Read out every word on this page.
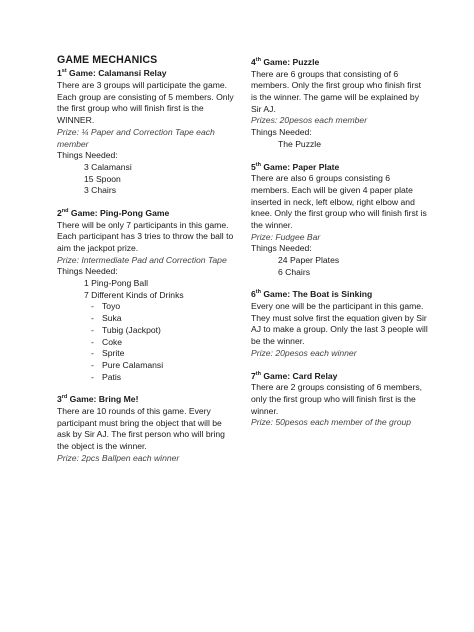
GAME MECHANICS
1st Game: Calamansi Relay

There are 3 groups will participate the game. Each group are consisting of 5 members. Only the first group who will finish first is the WINNER.

Prize: ¼ Paper and Correction Tape each member

Things Needed:

3 Calamansi
15 Spoon
3 Chairs
2nd Game: Ping-Pong Game

There will be only 7 participants in this game. Each participant has 3 tries to throw the ball to aim the jackpot prize.

Prize: Intermediate Pad and Correction Tape

Things Needed:

1 Ping-Pong Ball
7 Different Kinds of Drinks
- Toyo
- Suka
- Tubig (Jackpot)
- Coke
- Sprite
- Pure Calamansi
- Patis
3rd Game: Bring Me!

There are 10 rounds of this game. Every participant must bring the object that will be ask by Sir AJ. The first person who will bring the object is the winner.

Prize: 2pcs Ballpen each winner

4th Game: Puzzle

There are 6 groups that consisting of 6 members. Only the first group who finish first is the winner. The game will be explained by Sir AJ.

Prizes: 20pesos each member

Things Needed:

The Puzzle
5th Game: Paper Plate

There are also 6 groups consisting 6 members. Each will be given 4 paper plate inserted in neck, left elbow, right elbow and knee. Only the first group who will finish first is the winner.

Prize: Fudgee Bar

Things Needed:

24 Paper Plates
6 Chairs
6th Game: The Boat is Sinking

Every one will be the participant in this game. They must solve first the equation given by Sir AJ to make a group. Only the last 3 people will be the winner.

Prize: 20pesos each winner

7th Game: Card Relay

There are 2 groups consisting of 6 members, only the first group who will finish first is the winner.

Prize: 50pesos each member of the group
